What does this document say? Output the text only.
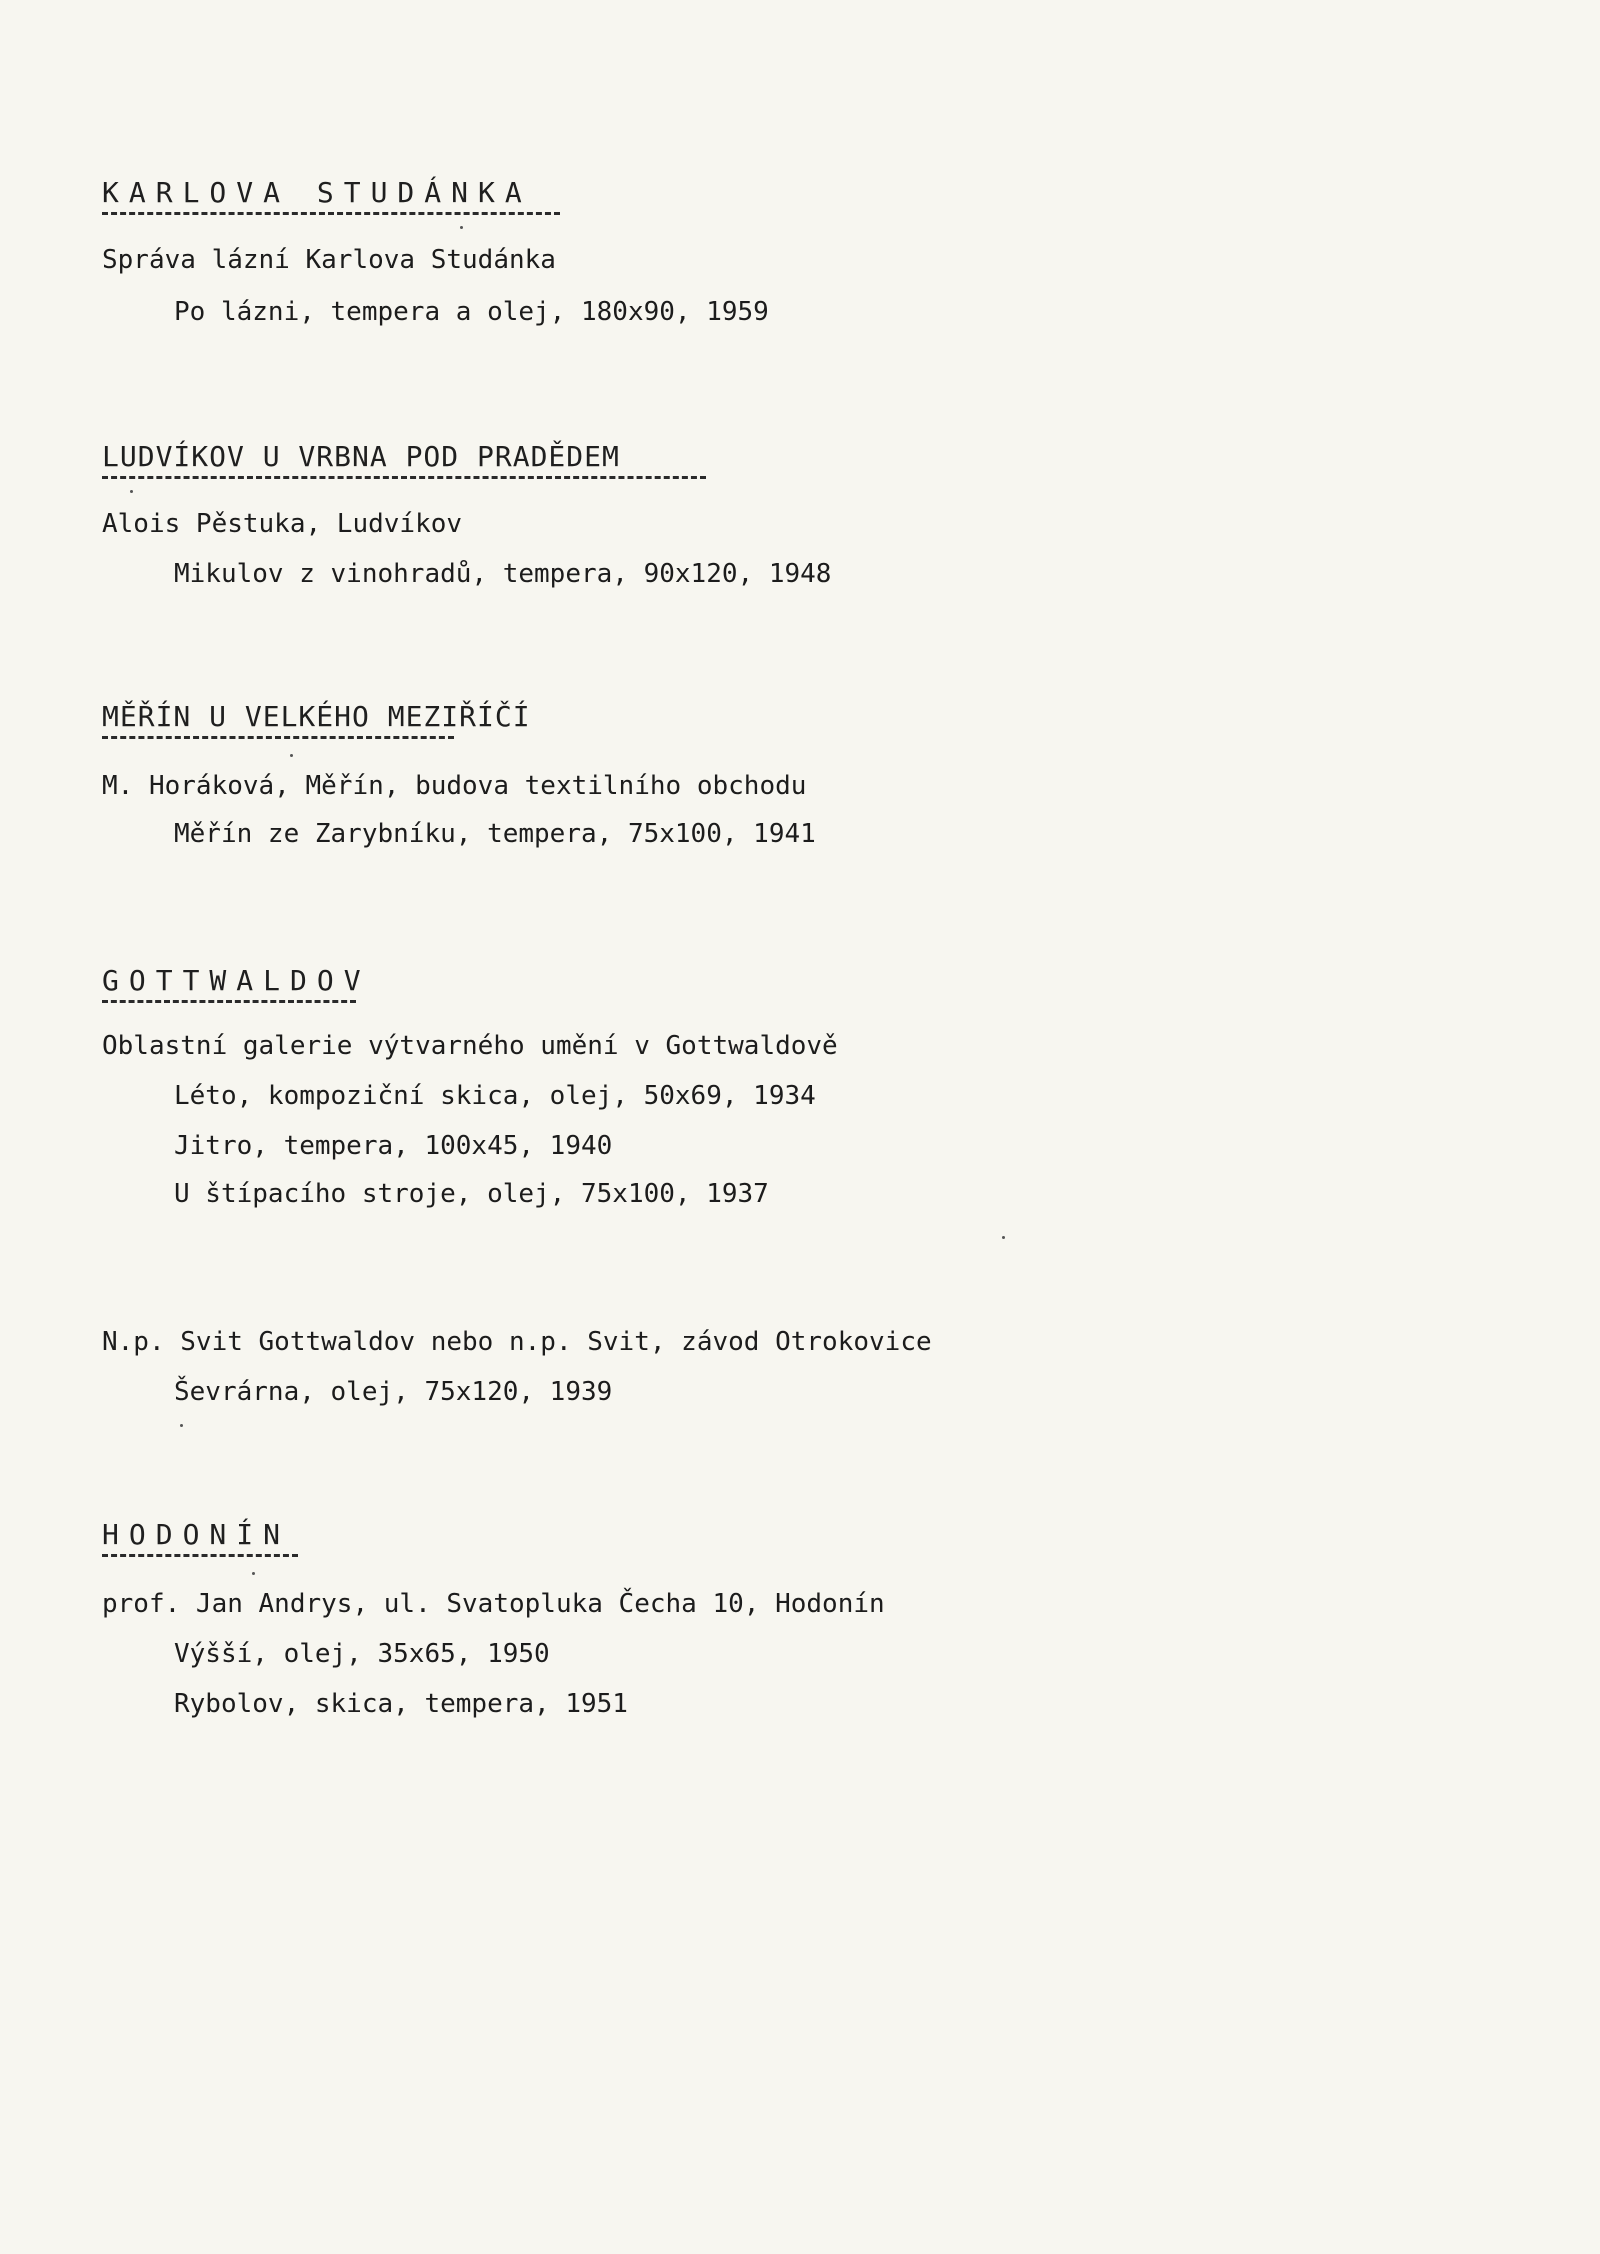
KARLOVA STUDÁNKA
Správa lázní Karlova Studánka
Po lázni, tempera a olej, 180x90, 1959
LUDVÍKOV U VRBNA POD PRADĚDEM
Alois Pěstuka, Ludvíkov
Mikulov z vinohradů, tempera, 90x120, 1948
MĚŘÍN U VELKÉHO MEZIŘÍČÍ
M. Horáková, Měřín, budova textilního obchodu
Měřín ze Zarybníku, tempera, 75x100, 1941
GOTTWALDOV
Oblastní galerie výtvarného umění v Gottwaldově
Léto, kompoziční skica, olej, 50x69, 1934
Jitro, tempera, 100x45, 1940
U štípacího stroje, olej, 75x100, 1937
N.p. Svit Gottwaldov nebo n.p. Svit, závod Otrokovice
Ševrárna, olej, 75x120, 1939
HODONÍN
prof. Jan Andrys, ul. Svatopluka Čecha 10, Hodonín
Výšší, olej, 35x65, 1950
Rybolov, skica, tempera, 1951
